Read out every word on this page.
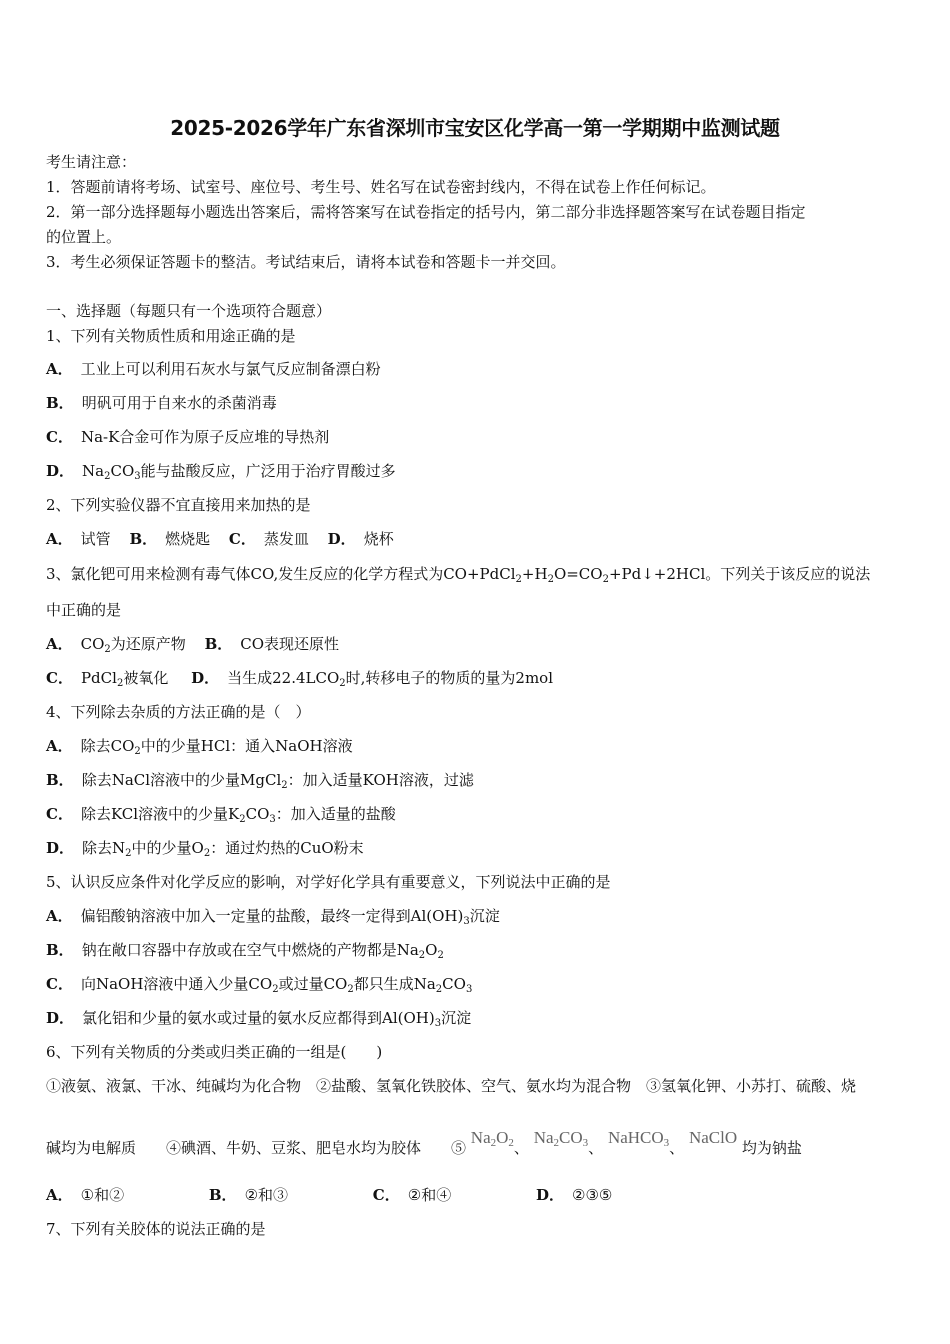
2025-2026学年广东省深圳市宝安区化学高一第一学期期中监测试题
考生请注意：
1．答题前请将考场、试室号、座位号、考生号、姓名写在试卷密封线内，不得在试卷上作任何标记。
2．第一部分选择题每小题选出答案后，需将答案写在试卷指定的括号内，第二部分非选择题答案写在试卷题目指定
的位置上。
3．考生必须保证答题卡的整洁。考试结束后，请将本试卷和答题卡一并交回。
一、选择题（每题只有一个选项符合题意）
1、下列有关物质性质和用途正确的是
A． 工业上可以利用石灰水与氯气反应制备漂白粉
B． 明矾可用于自来水的杀菌消毒
C． Na-K合金可作为原子反应堆的导热剂
D． $Na_2CO_3$能与盐酸反应，广泛用于治疗胃酸过多
2、下列实验仪器不宜直接用来加热的是
A． 试管 B． 燃烧匙 C． 蒸发皿 D． 烧杯
3、氯化钯可用来检测有毒气体CO,发生反应的化学方程式为$CO+PdCl_2+H_2O=CO_2+Pd↓+2HCl$。下列关于该反应的说法
中正确的是
A． $CO_2$为还原产物 B． CO表现还原性
C． PdCl$_2$被氧化 D． 当生成$22.4LCO_2$时,转移电子的物质的量为2mol
4、下列除去杂质的方法正确的是（　）
A． 除去$CO_2$中的少量HCl：通入NaOH溶液
B． 除去NaCl溶液中的少量MgCl$_2$：加入适量KOH溶液，过滤
C． 除去KCl溶液中的少量$K_2CO_3$：加入适量的盐酸
D． 除去$N_2$中的少量$O_2$：通过灼热的CuO粉末
5、认识反应条件对化学反应的影响，对学好化学具有重要意义，下列说法中正确的是
A． 偏铝酸钠溶液中加入一定量的盐酸，最终一定得到$Al(OH)_3$沉淀
B． 钠在敞口容器中存放或在空气中燃烧的产物都是$Na_2O_2$
C． 向NaOH溶液中通入少量$CO_2$或过量$CO_2$都只生成$Na_2CO_3$
D． 氯化铝和少量的氨水或过量的氨水反应都得到$Al(OH)_3$沉淀
6、下列有关物质的分类或归类正确的一组是(　　)
①液氨、液氯、干冰、纯碱均为化合物　②盐酸、氢氧化铁胶体、空气、氨水均为混合物　③氢氧化钾、小苏打、硫酸、烧
碱均为电解质　　④碘酒、牛奶、豆浆、肥皂水均为胶体　　⑤ $Na_2O_2$、 $Na_2CO_3$、 NaHCO$_3$、 NaClO 均为钠盐
A． ①和②	B． ②和③	C． ②和④	D． ②③⑤
7、下列有关胶体的说法正确的是
